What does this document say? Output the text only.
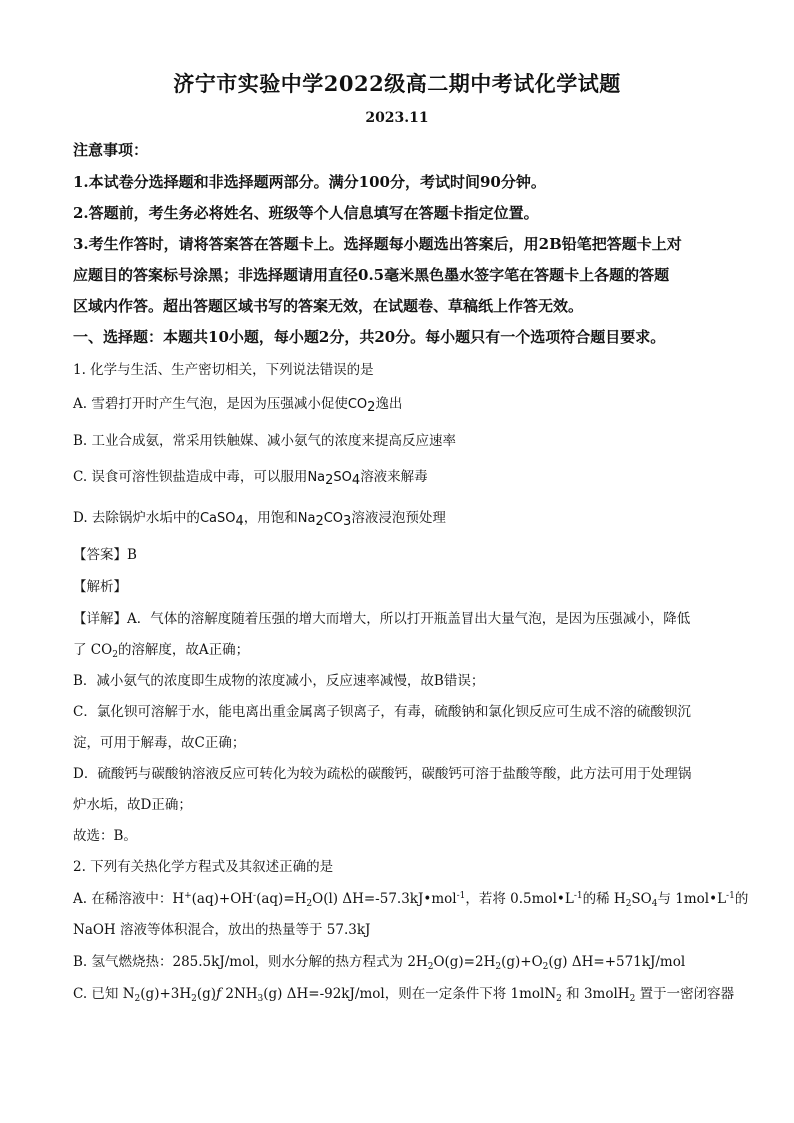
济宁市实验中学2022级高二期中考试化学试题
2023.11
注意事项：
1.本试卷分选择题和非选择题两部分。满分100分，考试时间90分钟。
2.答题前，考生务必将姓名、班级等个人信息填写在答题卡指定位置。
3.考生作答时，请将答案答在答题卡上。选择题每小题选出答案后，用2B铅笔把答题卡上对
应题目的答案标号涂黑；非选择题请用直径0.5毫米黑色墨水签字笔在答题卡上各题的答题
区域内作答。超出答题区域书写的答案无效，在试题卷、草稿纸上作答无效。
一、选择题：本题共10小题，每小题2分，共20分。每小题只有一个选项符合题目要求。
1. 化学与生活、生产密切相关，下列说法错误的是
A. 雪碧打开时产生气泡，是因为压强减小促使$CO_2$逸出
B. 工业合成氨，常采用铁触媒、减小氨气的浓度来提高反应速率
C. 误食可溶性钡盐造成中毒，可以服用$Na_2SO_4$溶液来解毒
D. 去除锅炉水垢中的CaSO$_4$，用饱和$Na_2CO_3$溶液浸泡预处理
【答案】B
【解析】
【详解】A．气体的溶解度随着压强的增大而增大，所以打开瓶盖冒出大量气泡，是因为压强减小，降低
了 $CO_2$的溶解度，故A正确；
B．减小氨气的浓度即生成物的浓度减小，反应速率减慢，故B错误；
C．氯化钡可溶解于水，能电离出重金属离子钡离子，有毒，硫酸钠和氯化钡反应可生成不溶的硫酸钡沉
淀，可用于解毒，故C正确；
D．硫酸钙与碳酸钠溶液反应可转化为较为疏松的碳酸钙，碳酸钙可溶于盐酸等酸，此方法可用于处理锅
炉水垢，故D正确；
故选：B。
2. 下列有关热化学方程式及其叙述正确的是
A. 在稀溶液中：$H^+(aq)+OH^-(aq)=H_2O(l)$ ΔH=-57.3kJ•mol$^{-1}$，若将 $0.5mol•L^{-1}$的稀 $H_2SO_4$与 $1mol•L^{-1}$的
NaOH 溶液等体积混合，放出的热量等于 57.3kJ
B. 氢气燃烧热：285.5kJ/mol，则水分解的热方程式为 $2H_2O(g)=2H_2(g)+O_2(g)$ ΔH=+571kJ/mol
C. 已知 $N_2(g)+3H_2(g)ƒ$ $2NH_3(g)$ ΔH=-92kJ/mol，则在一定条件下将 1molN$_2$ 和 3molH$_2$ 置于一密闭容器
